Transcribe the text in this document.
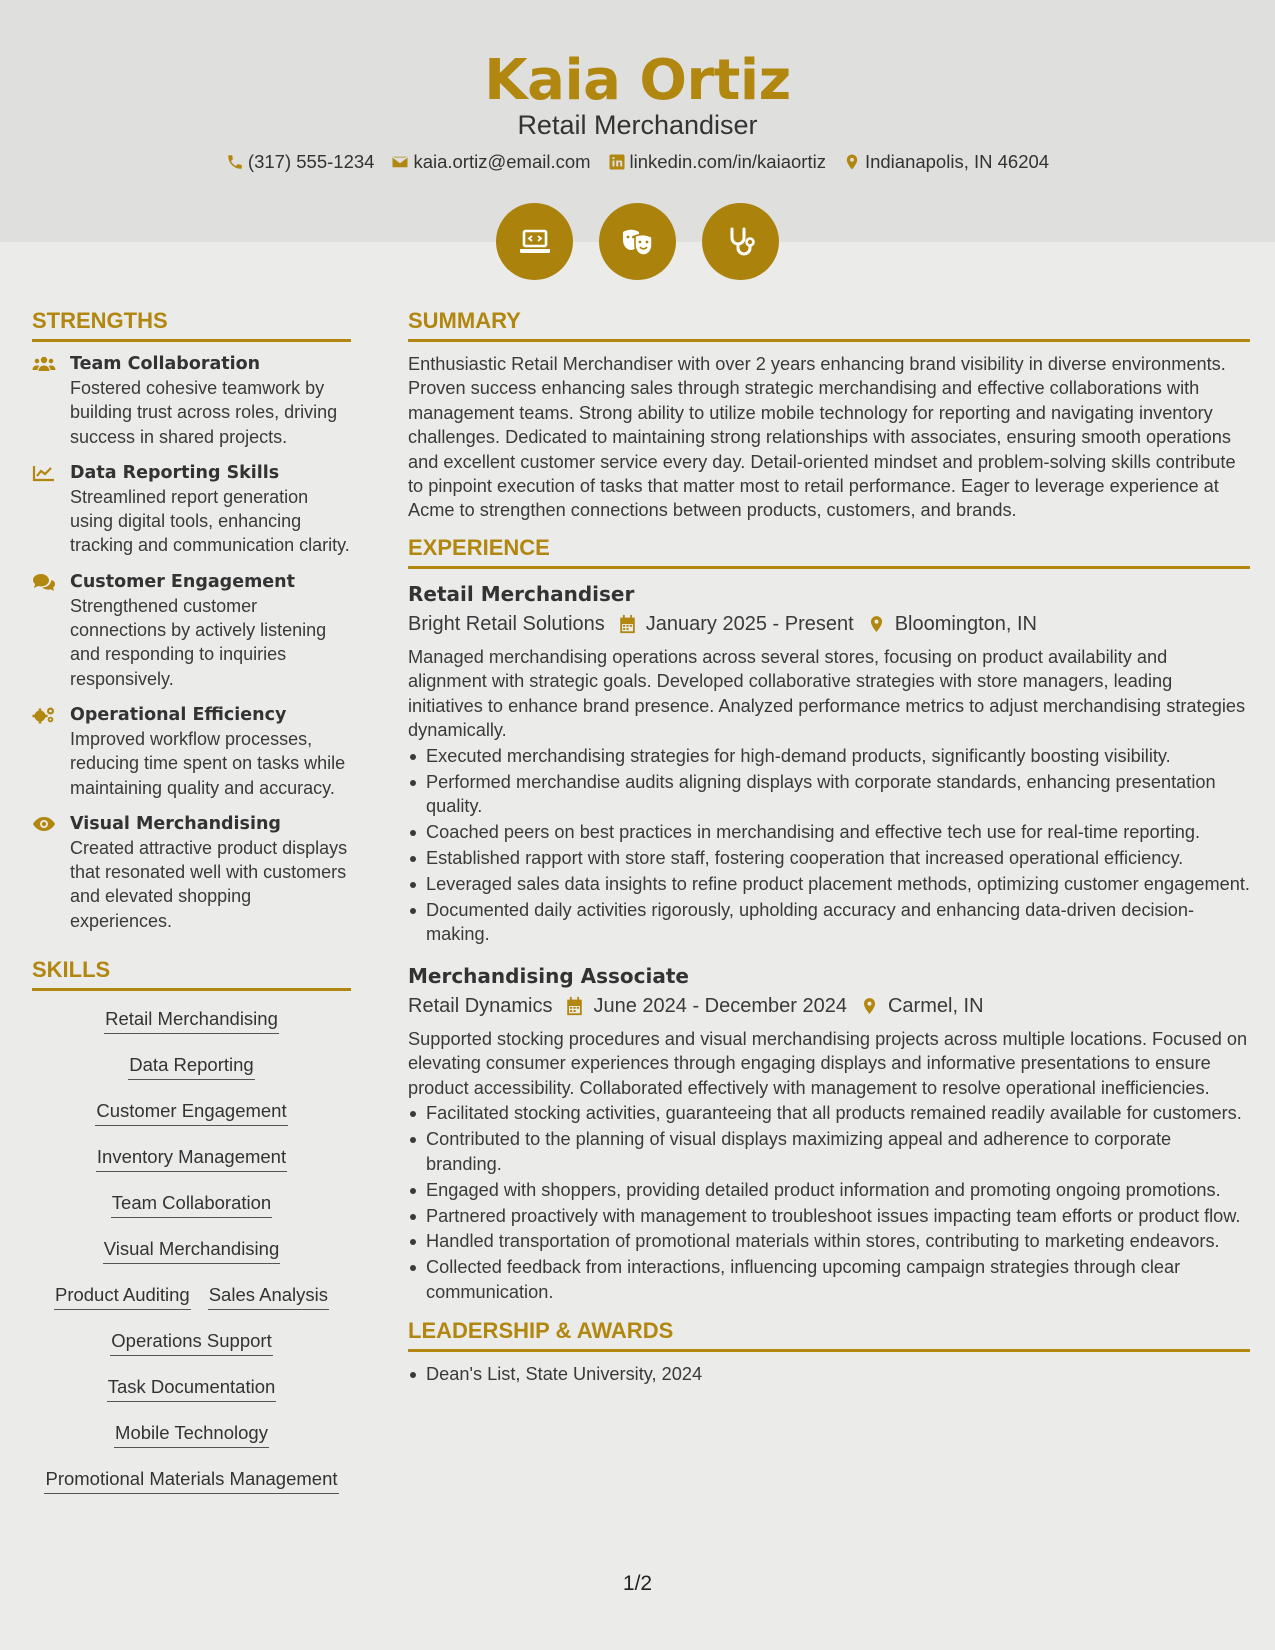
Kaia Ortiz
Retail Merchandiser
(317) 555-1234 kaia.ortiz@email.com linkedin.com/in/kaiaortiz Indianapolis, IN 46204
STRENGTHS
Team Collaboration
Fostered cohesive teamwork by building trust across roles, driving success in shared projects.
Data Reporting Skills
Streamlined report generation using digital tools, enhancing tracking and communication clarity.
Customer Engagement
Strengthened customer connections by actively listening and responding to inquiries responsively.
Operational Efficiency
Improved workflow processes, reducing time spent on tasks while maintaining quality and accuracy.
Visual Merchandising
Created attractive product displays that resonated well with customers and elevated shopping experiences.
SKILLS
Retail Merchandising
Data Reporting
Customer Engagement
Inventory Management
Team Collaboration
Visual Merchandising
Product Auditing Sales Analysis
Operations Support
Task Documentation
Mobile Technology
Promotional Materials Management
SUMMARY
Enthusiastic Retail Merchandiser with over 2 years enhancing brand visibility in diverse environments. Proven success enhancing sales through strategic merchandising and effective collaborations with management teams. Strong ability to utilize mobile technology for reporting and navigating inventory challenges. Dedicated to maintaining strong relationships with associates, ensuring smooth operations and excellent customer service every day. Detail-oriented mindset and problem-solving skills contribute to pinpoint execution of tasks that matter most to retail performance. Eager to leverage experience at Acme to strengthen connections between products, customers, and brands.
EXPERIENCE
Retail Merchandiser
Bright Retail Solutions January 2025 - Present Bloomington, IN
Managed merchandising operations across several stores, focusing on product availability and alignment with strategic goals. Developed collaborative strategies with store managers, leading initiatives to enhance brand presence. Analyzed performance metrics to adjust merchandising strategies dynamically.
Executed merchandising strategies for high-demand products, significantly boosting visibility.
Performed merchandise audits aligning displays with corporate standards, enhancing presentation quality.
Coached peers on best practices in merchandising and effective tech use for real-time reporting.
Established rapport with store staff, fostering cooperation that increased operational efficiency.
Leveraged sales data insights to refine product placement methods, optimizing customer engagement.
Documented daily activities rigorously, upholding accuracy and enhancing data-driven decision-making.
Merchandising Associate
Retail Dynamics June 2024 - December 2024 Carmel, IN
Supported stocking procedures and visual merchandising projects across multiple locations. Focused on elevating consumer experiences through engaging displays and informative presentations to ensure product accessibility. Collaborated effectively with management to resolve operational inefficiencies.
Facilitated stocking activities, guaranteeing that all products remained readily available for customers.
Contributed to the planning of visual displays maximizing appeal and adherence to corporate branding.
Engaged with shoppers, providing detailed product information and promoting ongoing promotions.
Partnered proactively with management to troubleshoot issues impacting team efforts or product flow.
Handled transportation of promotional materials within stores, contributing to marketing endeavors.
Collected feedback from interactions, influencing upcoming campaign strategies through clear communication.
LEADERSHIP & AWARDS
Dean's List, State University, 2024
1/2
